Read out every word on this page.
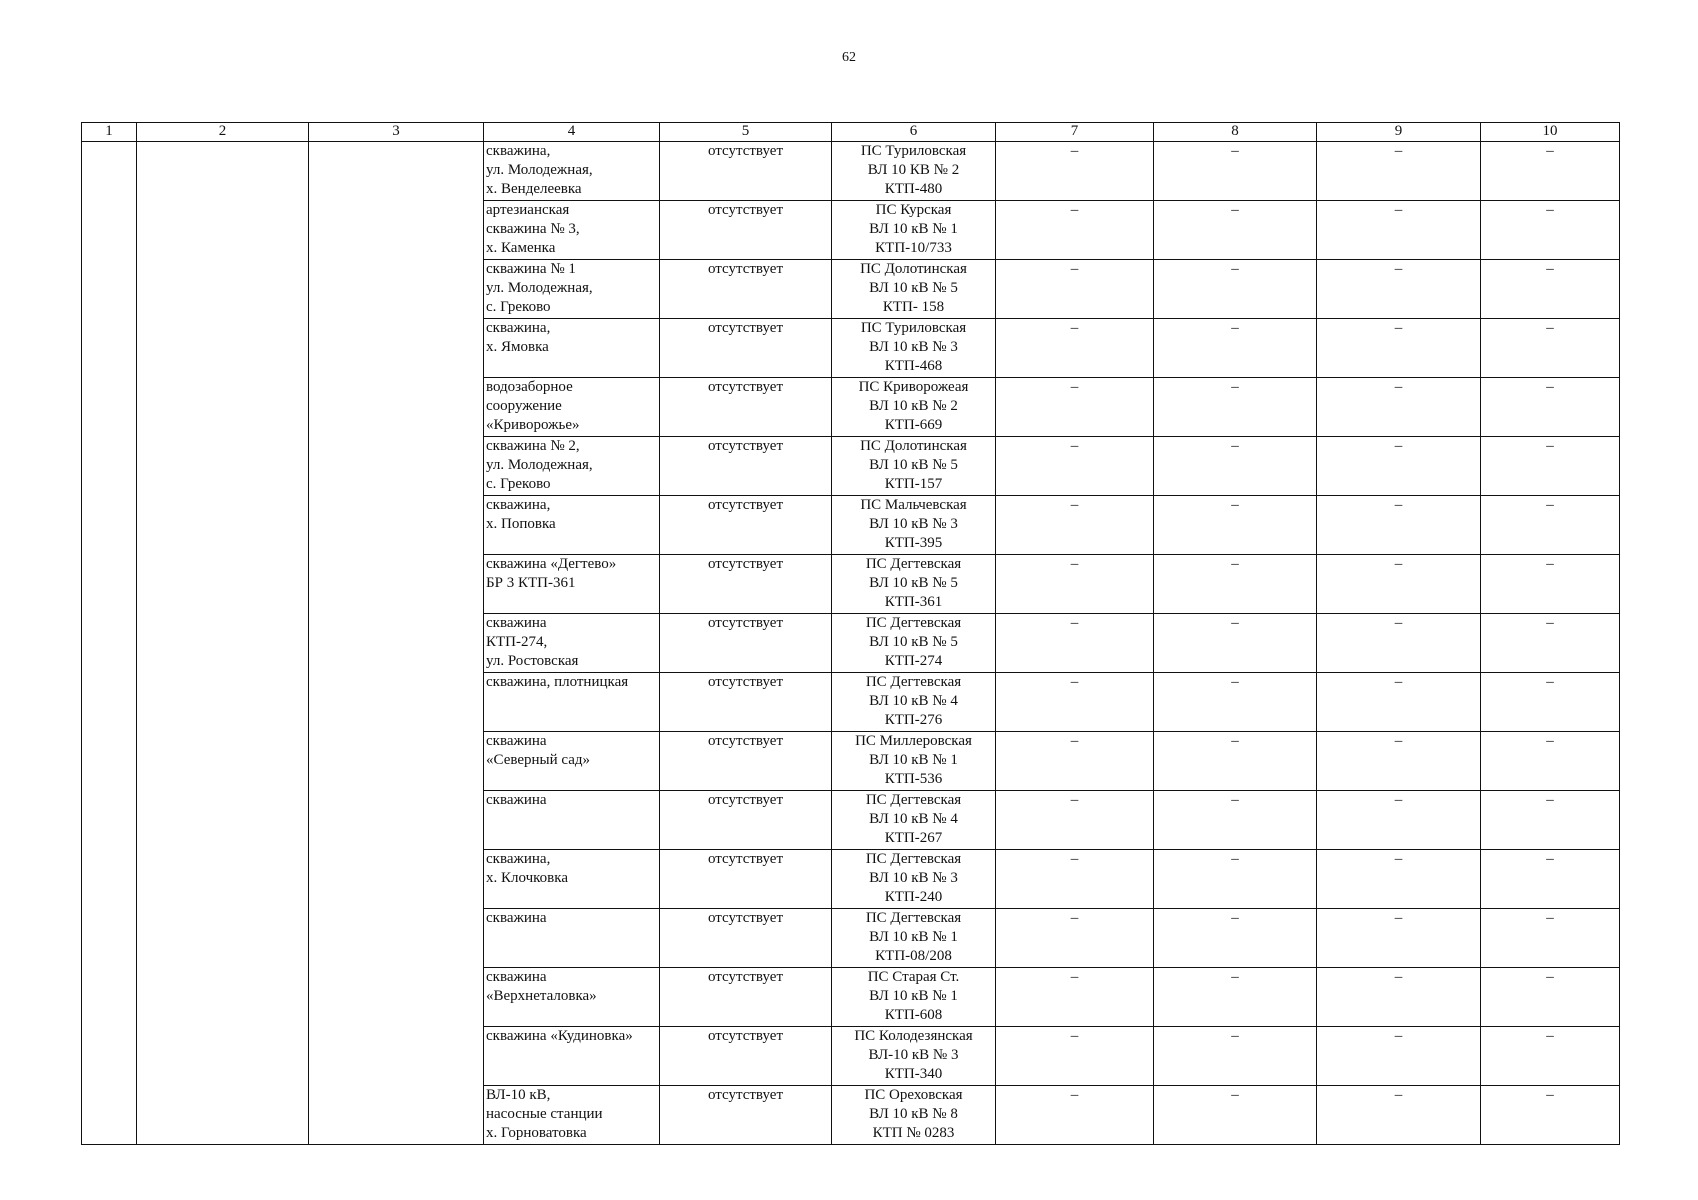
62
1	2	3	4	5	6	7	8	9	10
			скважина,
ул. Молодежная,
х. Венделеевка	отсутствует	ПС Туриловская
ВЛ 10 КВ № 2
КТП-480	–	–	–	–
			артезианская
скважина № 3,
х. Каменка	отсутствует	ПС Курская
ВЛ 10 кВ № 1
КТП-10/733	–	–	–	–
			скважина № 1
ул. Молодежная,
с. Греково	отсутствует	ПС Долотинская
ВЛ 10 кВ № 5
КТП- 158	–	–	–	–
			скважина,
х. Ямовка	отсутствует	ПС Туриловская
ВЛ 10 кВ № 3
КТП-468	–	–	–	–
			водозаборное
сооружение
«Криворожье»	отсутствует	ПС Криворожеая
ВЛ 10 кВ № 2
КТП-669	–	–	–	–
			скважина № 2,
ул. Молодежная,
с. Греково	отсутствует	ПС Долотинская
ВЛ 10 кВ № 5
КТП-157	–	–	–	–
			скважина,
х. Поповка	отсутствует	ПС Мальчевская
ВЛ 10 кВ № 3
КТП-395	–	–	–	–
			скважина «Дегтево»
БР 3 КТП-361	отсутствует	ПС Дегтевская
ВЛ 10 кВ № 5
КТП-361	–	–	–	–
			скважина
КТП-274,
ул. Ростовская	отсутствует	ПС Дегтевская
ВЛ 10 кВ № 5
КТП-274	–	–	–	–
			скважина, плотницкая	отсутствует	ПС Дегтевская
ВЛ 10 кВ № 4
КТП-276	–	–	–	–
			скважина
«Северный сад»	отсутствует	ПС Миллеровская
ВЛ 10 кВ № 1
КТП-536	–	–	–	–
			скважина	отсутствует	ПС Дегтевская
ВЛ 10 кВ № 4
КТП-267	–	–	–	–
			скважина,
х. Клочковка	отсутствует	ПС Дегтевская
ВЛ 10 кВ № 3
КТП-240	–	–	–	–
			скважина	отсутствует	ПС Дегтевская
ВЛ 10 кВ № 1
КТП-08/208	–	–	–	–
			скважина
«Верхнеталовка»	отсутствует	ПС Старая Ст.
ВЛ 10 кВ № 1
КТП-608	–	–	–	–
			скважина «Кудиновка»	отсутствует	ПС Колодезянская
ВЛ-10 кВ № 3
КТП-340	–	–	–	–
			ВЛ-10 кВ,
насосные станции
х. Горноватовка	отсутствует	ПС Ореховская
ВЛ 10 кВ № 8
КТП № 0283	–	–	–	–
